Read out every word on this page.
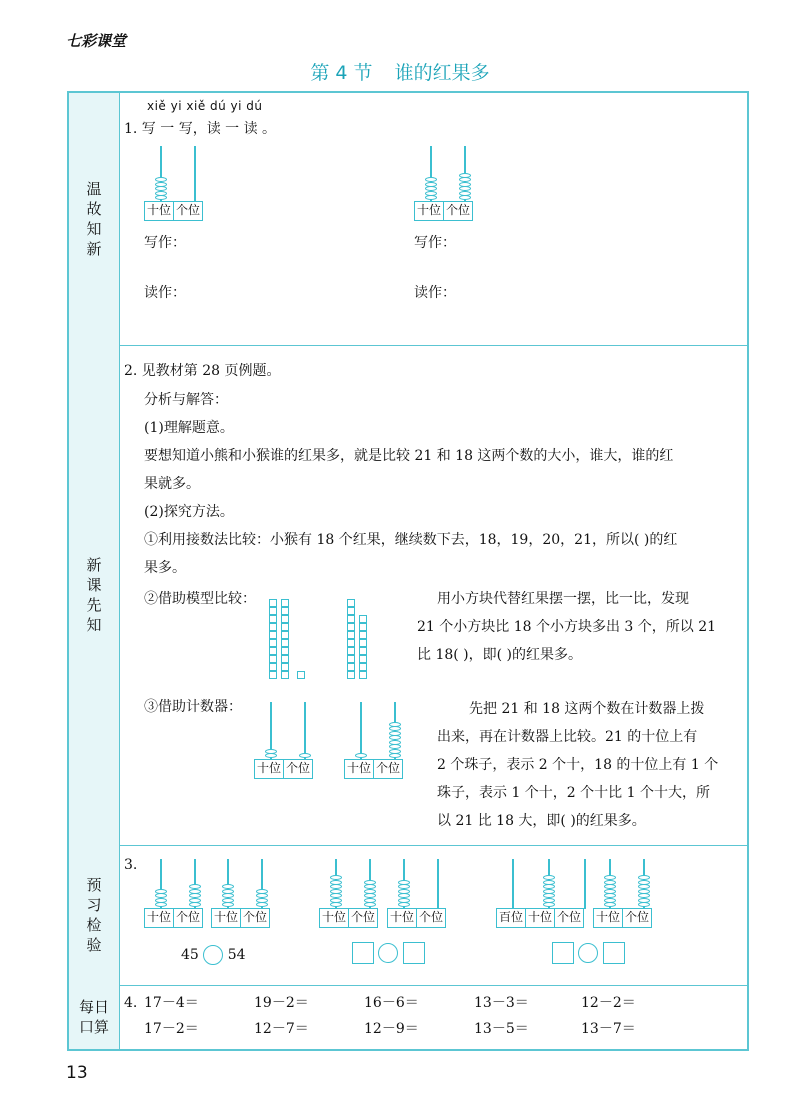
七彩课堂
第 4 节 谁的红果多
温故知新
xiě yi xiě dú yi dú
1. 写 一 写，读 一 读 。
十位 个位
写作：
读作：
十位 个位
写作：
读作：
新课先知
2. 见教材第 28 页例题。
分析与解答：
(1)理解题意。
要想知道小熊和小猴谁的红果多，就是比较 21 和 18 这两个数的大小，谁大，谁的红
果就多。
(2)探究方法。
①利用接数法比较：小猴有 18 个红果，继续数下去，18，19，20，21，所以( )的红
果多。
②借助模型比较：	用小方块代替红果摆一摆，比一比，发现
21 个小方块比 18 个小方块多出 3 个，所以 21
比 18( )，即( )的红果多。
③借助计数器：
十位 个位	十位 个位
先把 21 和 18 这两个数在计数器上拨
出来，再在计数器上比较。21 的十位上有
2 个珠子，表示 2 个十，18 的十位上有 1 个
珠子，表示 1 个十，2 个十比 1 个十大，所
以 21 比 18 大，即( )的红果多。
预习检验
3.
十位 个位 十位 个位
45 54
十位 个位 十位 个位
	百位 十位 个位 十位 个位

每日口算
4. 17－4＝	19－2＝	16－6＝	13－3＝	12－2＝
17－2＝	12－7＝	12－9＝	13－5＝	13－7＝
13
